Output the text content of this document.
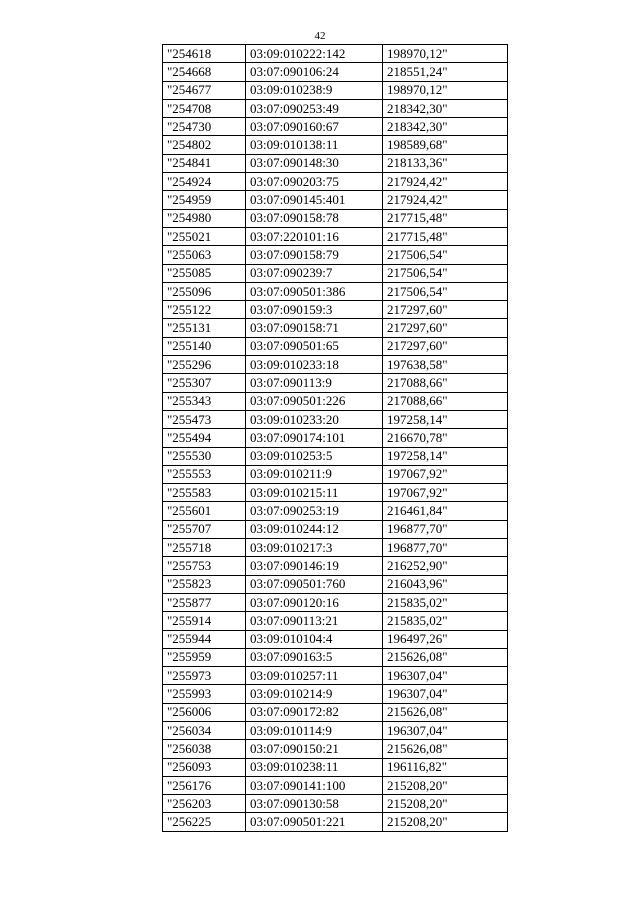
42
"254618	03:09:010222:142	198970,12"
"254668	03:07:090106:24	218551,24"
"254677	03:09:010238:9	198970,12"
"254708	03:07:090253:49	218342,30"
"254730	03:07:090160:67	218342,30"
"254802	03:09:010138:11	198589,68"
"254841	03:07:090148:30	218133,36"
"254924	03:07:090203:75	217924,42"
"254959	03:07:090145:401	217924,42"
"254980	03:07:090158:78	217715,48"
"255021	03:07:220101:16	217715,48"
"255063	03:07:090158:79	217506,54"
"255085	03:07:090239:7	217506,54"
"255096	03:07:090501:386	217506,54"
"255122	03:07:090159:3	217297,60"
"255131	03:07:090158:71	217297,60"
"255140	03:07:090501:65	217297,60"
"255296	03:09:010233:18	197638,58"
"255307	03:07:090113:9	217088,66"
"255343	03:07:090501:226	217088,66"
"255473	03:09:010233:20	197258,14"
"255494	03:07:090174:101	216670,78"
"255530	03:09:010253:5	197258,14"
"255553	03:09:010211:9	197067,92"
"255583	03:09:010215:11	197067,92"
"255601	03:07:090253:19	216461,84"
"255707	03:09:010244:12	196877,70"
"255718	03:09:010217:3	196877,70"
"255753	03:07:090146:19	216252,90"
"255823	03:07:090501:760	216043,96"
"255877	03:07:090120:16	215835,02"
"255914	03:07:090113:21	215835,02"
"255944	03:09:010104:4	196497,26"
"255959	03:07:090163:5	215626,08"
"255973	03:09:010257:11	196307,04"
"255993	03:09:010214:9	196307,04"
"256006	03:07:090172:82	215626,08"
"256034	03:09:010114:9	196307,04"
"256038	03:07:090150:21	215626,08"
"256093	03:09:010238:11	196116,82"
"256176	03:07:090141:100	215208,20"
"256203	03:07:090130:58	215208,20"
"256225	03:07:090501:221	215208,20"
